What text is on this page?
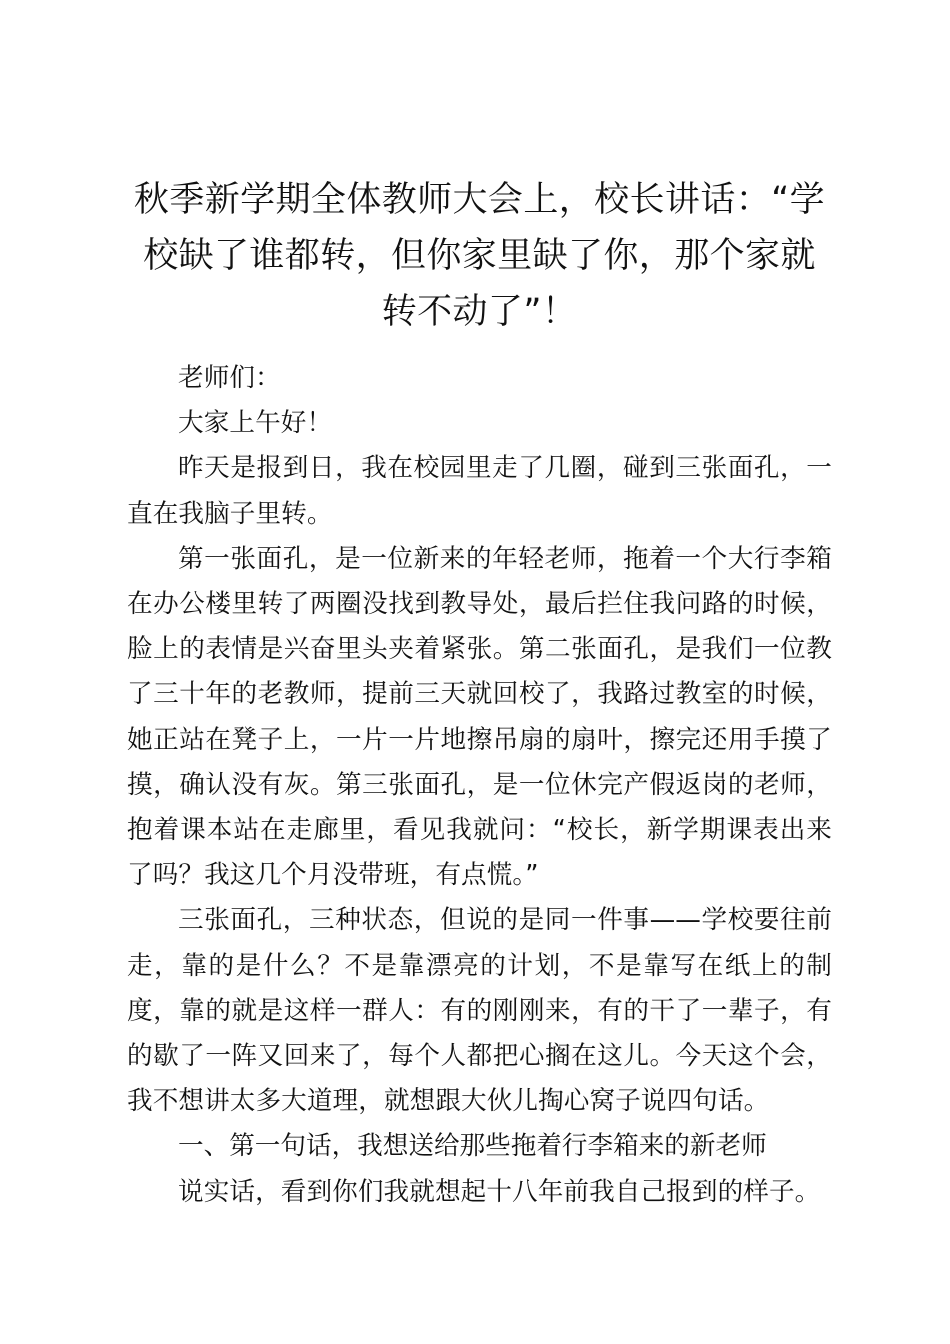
秋季新学期全体教师大会上，校长讲话：“学校缺了谁都转，但你家里缺了你，那个家就转不动了”！

老师们：

大家上午好！

昨天是报到日，我在校园里走了几圈，碰到三张面孔，一直在我脑子里转。

第一张面孔，是一位新来的年轻老师，拖着一个大行李箱在办公楼里转了两圈没找到教导处，最后拦住我问路的时候，脸上的表情是兴奋里头夹着紧张。第二张面孔，是我们一位教了三十年的老教师，提前三天就回校了，我路过教室的时候，她正站在凳子上，一片一片地擦吊扇的扇叶，擦完还用手摸了摸，确认没有灰。第三张面孔，是一位休完产假返岗的老师，抱着课本站在走廊里，看见我就问：“校长，新学期课表出来了吗？我这几个月没带班，有点慌。”

三张面孔，三种状态，但说的是同一件事——学校要往前走，靠的是什么？不是靠漂亮的计划，不是靠写在纸上的制度，靠的就是这样一群人：有的刚刚来，有的干了一辈子，有的歇了一阵又回来了，每个人都把心搁在这儿。今天这个会，我不想讲太多大道理，就想跟大伙儿掏心窝子说四句话。

一、第一句话，我想送给那些拖着行李箱来的新老师

说实话，看到你们我就想起十八年前我自己报到的样子。
